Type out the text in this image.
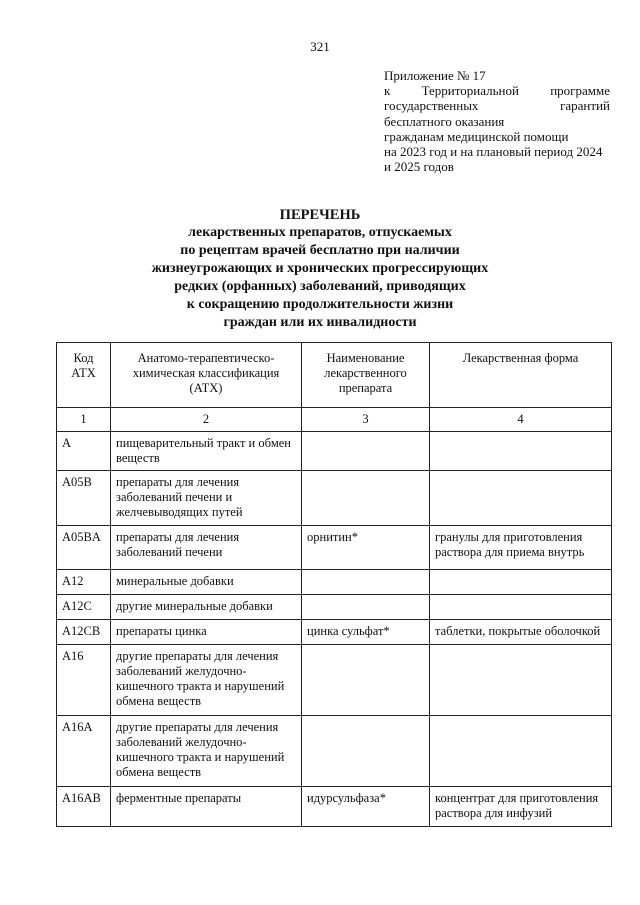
321
Приложение № 17
к Территориальной программе
государственных	гарантий
бесплатного оказания
гражданам медицинской помощи
на 2023 год и на плановый период 2024
и 2025 годов
ПЕРЕЧЕНЬ
лекарственных препаратов, отпускаемых
по рецептам врачей бесплатно при наличии
жизнеугрожающих и хронических прогрессирующих
редких (орфанных) заболеваний, приводящих
к сокращению продолжительности жизни
граждан или их инвалидности
Код АТХ	Анатомо-терапевтическо-химическая классификация (АТХ)	Наименование лекарственного препарата	Лекарственная форма
1	2	3	4
A	пищеварительный тракт и обмен веществ		
A05B	препараты для лечения заболеваний печени и желчевыводящих путей		
A05BA	препараты для лечения заболеваний печени	орнитин*	гранулы для приготовления раствора для приема внутрь
A12	минеральные добавки		
A12C	другие минеральные добавки		
A12CB	препараты цинка	цинка сульфат*	таблетки, покрытые оболочкой
A16	другие препараты для лечения заболеваний желудочно-кишечного тракта и нарушений обмена веществ		
A16A	другие препараты для лечения заболеваний желудочно-кишечного тракта и нарушений обмена веществ		
A16AB	ферментные препараты	идурсульфаза*	концентрат для приготовления раствора для инфузий
